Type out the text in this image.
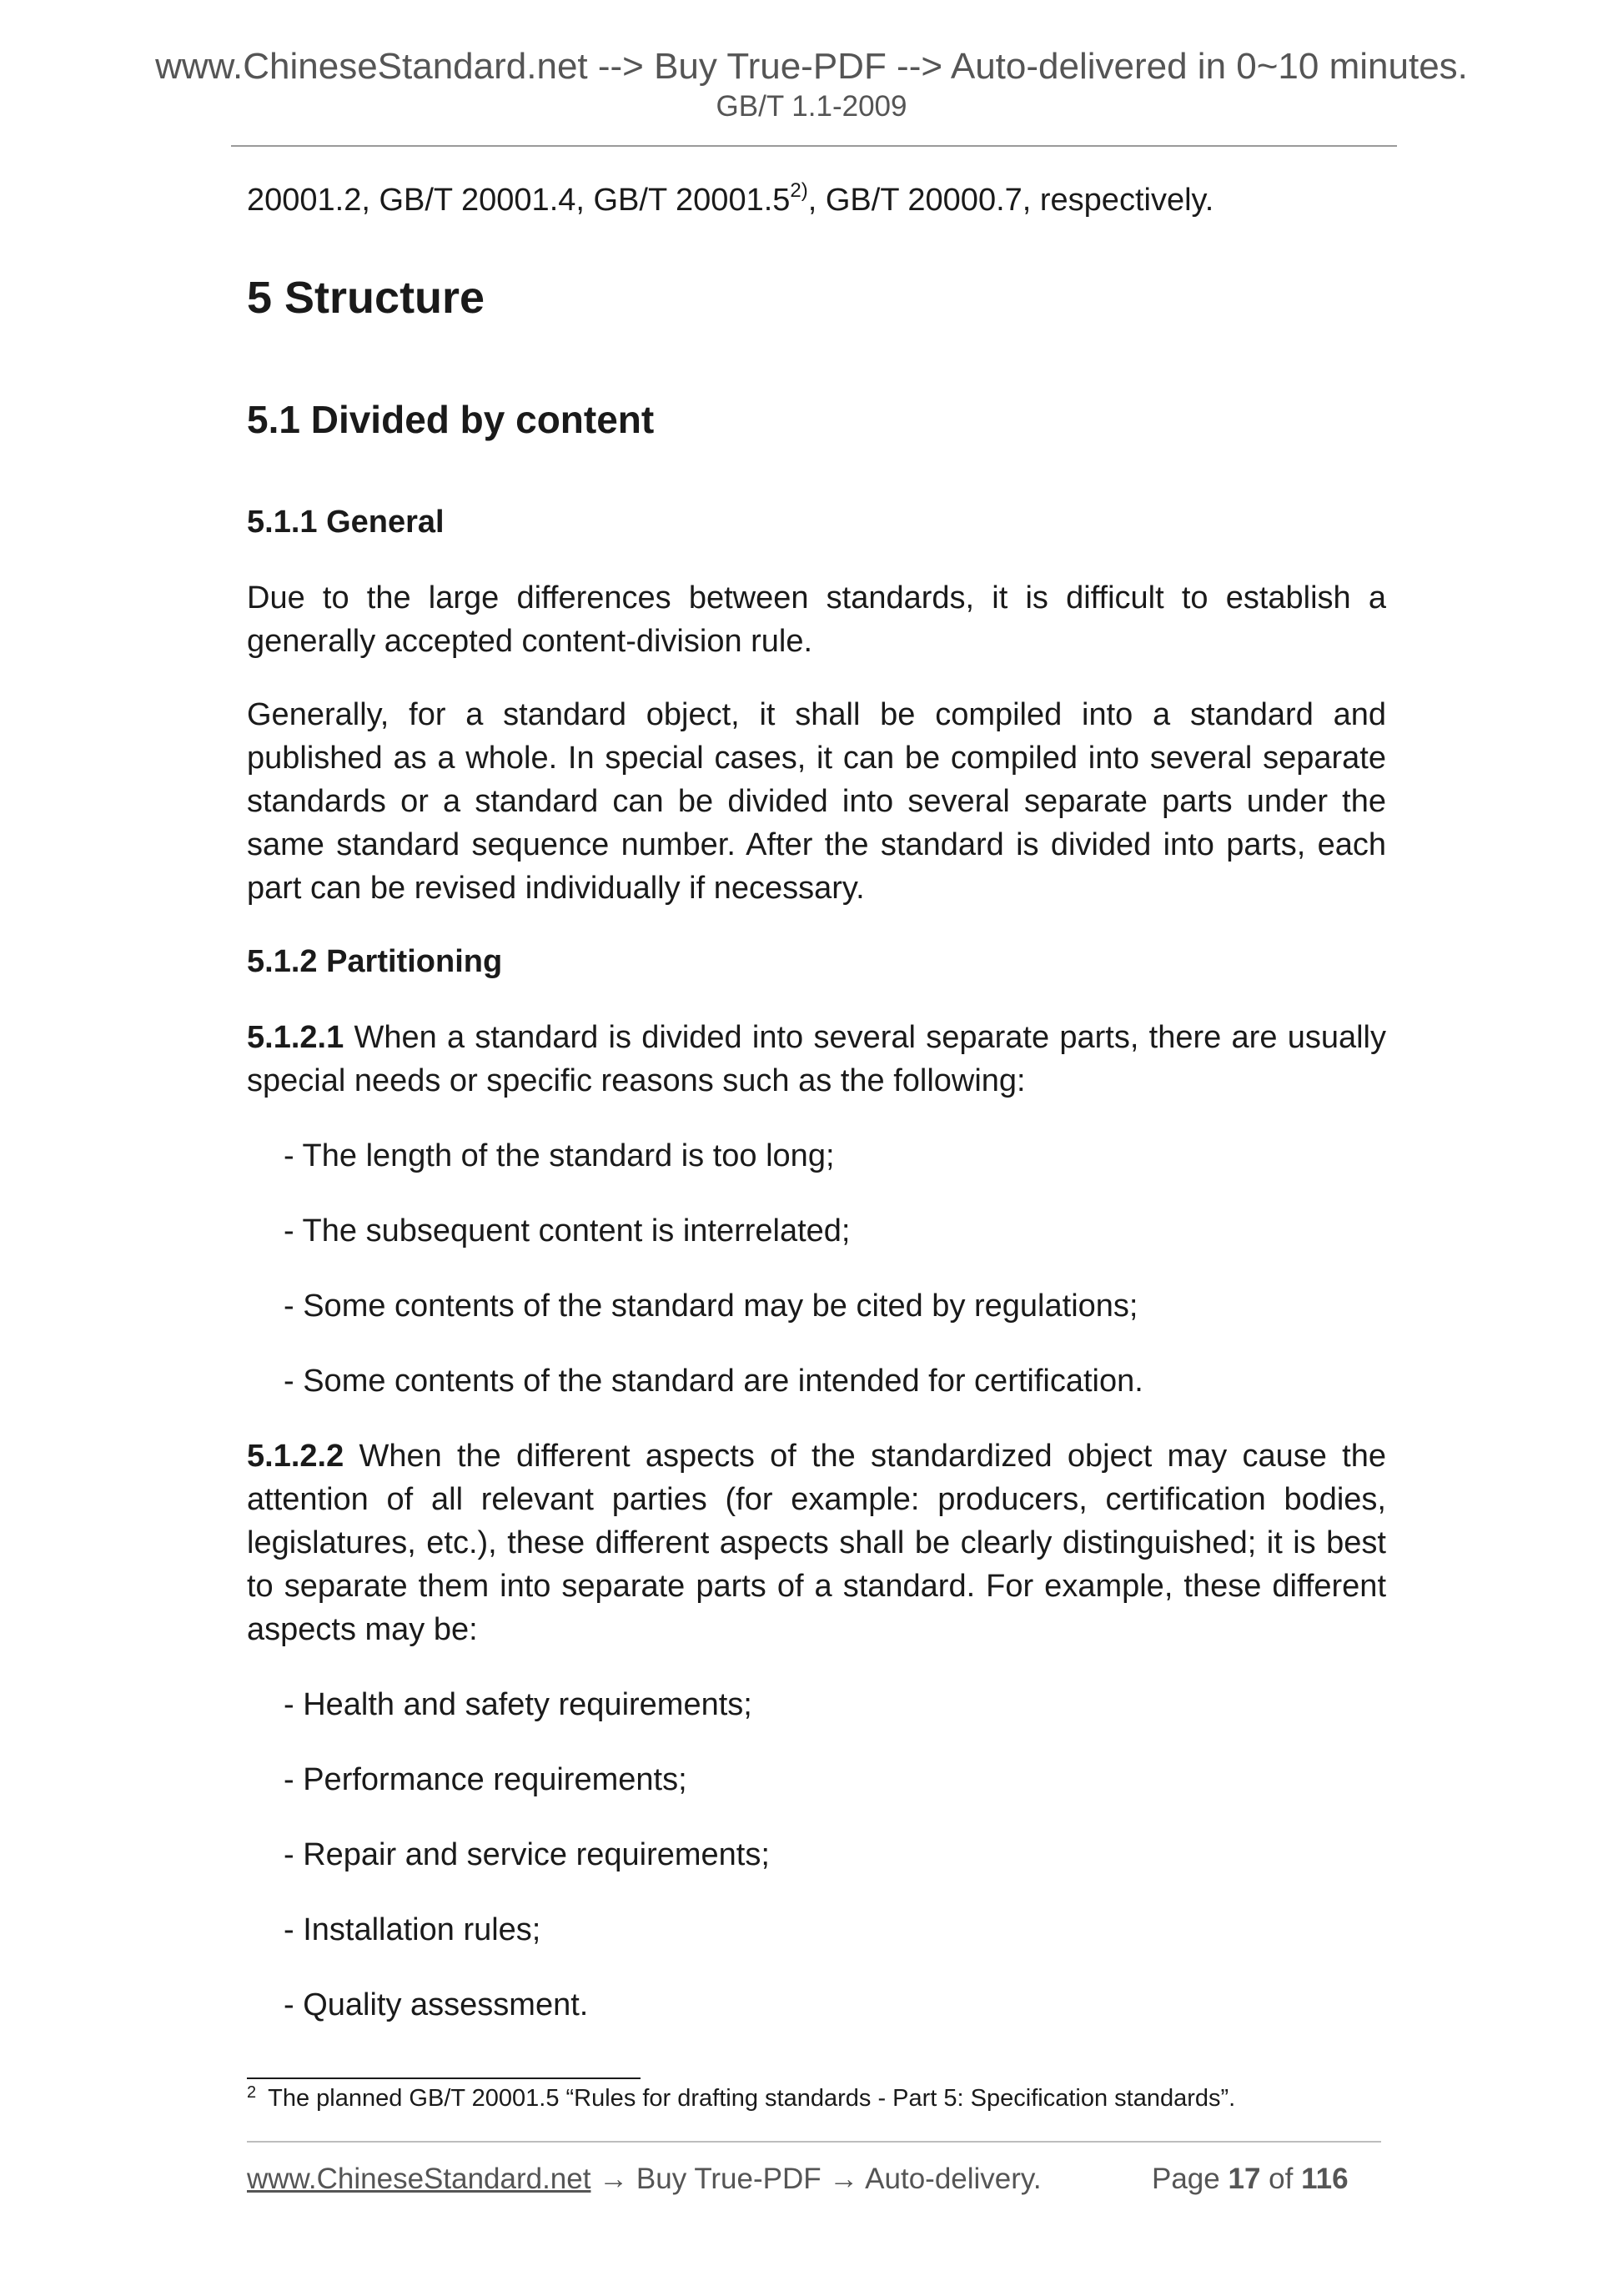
www.ChineseStandard.net --> Buy True-PDF --> Auto-delivered in 0~10 minutes.
GB/T 1.1-2009

20001.2, GB/T 20001.4, GB/T 20001.5$^{2)}$, GB/T 20000.7, respectively.

5 Structure
5.1 Divided by content
5.1.1 General

Due to the large differences between standards, it is difficult to establish a generally accepted content-division rule.

Generally, for a standard object, it shall be compiled into a standard and published as a whole. In special cases, it can be compiled into several separate standards or a standard can be divided into several separate parts under the same standard sequence number. After the standard is divided into parts, each part can be revised individually if necessary.

5.1.2 Partitioning

5.1.2.1 When a standard is divided into several separate parts, there are usually special needs or specific reasons such as the following:

- The length of the standard is too long;
- The subsequent content is interrelated;
- Some contents of the standard may be cited by regulations;
- Some contents of the standard are intended for certification.

5.1.2.2 When the different aspects of the standardized object may cause the attention of all relevant parties (for example: producers, certification bodies, legislatures, etc.), these different aspects shall be clearly distinguished; it is best to separate them into separate parts of a standard. For example, these different aspects may be:

- Health and safety requirements;
- Performance requirements;
- Repair and service requirements;
- Installation rules;
- Quality assessment.
$^2$ The planned GB/T 20001.5 “Rules for drafting standards - Part 5: Specification standards”.
www.ChineseStandard.net → Buy True-PDF → Auto-delivery.	Page 17 of 116
